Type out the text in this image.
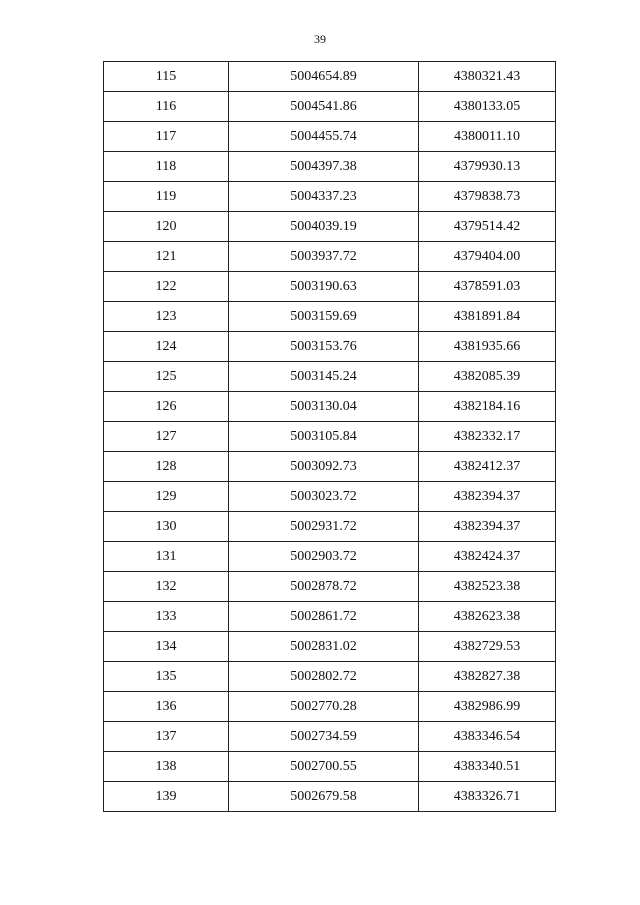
39
115	5004654.89	4380321.43
116	5004541.86	4380133.05
117	5004455.74	4380011.10
118	5004397.38	4379930.13
119	5004337.23	4379838.73
120	5004039.19	4379514.42
121	5003937.72	4379404.00
122	5003190.63	4378591.03
123	5003159.69	4381891.84
124	5003153.76	4381935.66
125	5003145.24	4382085.39
126	5003130.04	4382184.16
127	5003105.84	4382332.17
128	5003092.73	4382412.37
129	5003023.72	4382394.37
130	5002931.72	4382394.37
131	5002903.72	4382424.37
132	5002878.72	4382523.38
133	5002861.72	4382623.38
134	5002831.02	4382729.53
135	5002802.72	4382827.38
136	5002770.28	4382986.99
137	5002734.59	4383346.54
138	5002700.55	4383340.51
139	5002679.58	4383326.71
